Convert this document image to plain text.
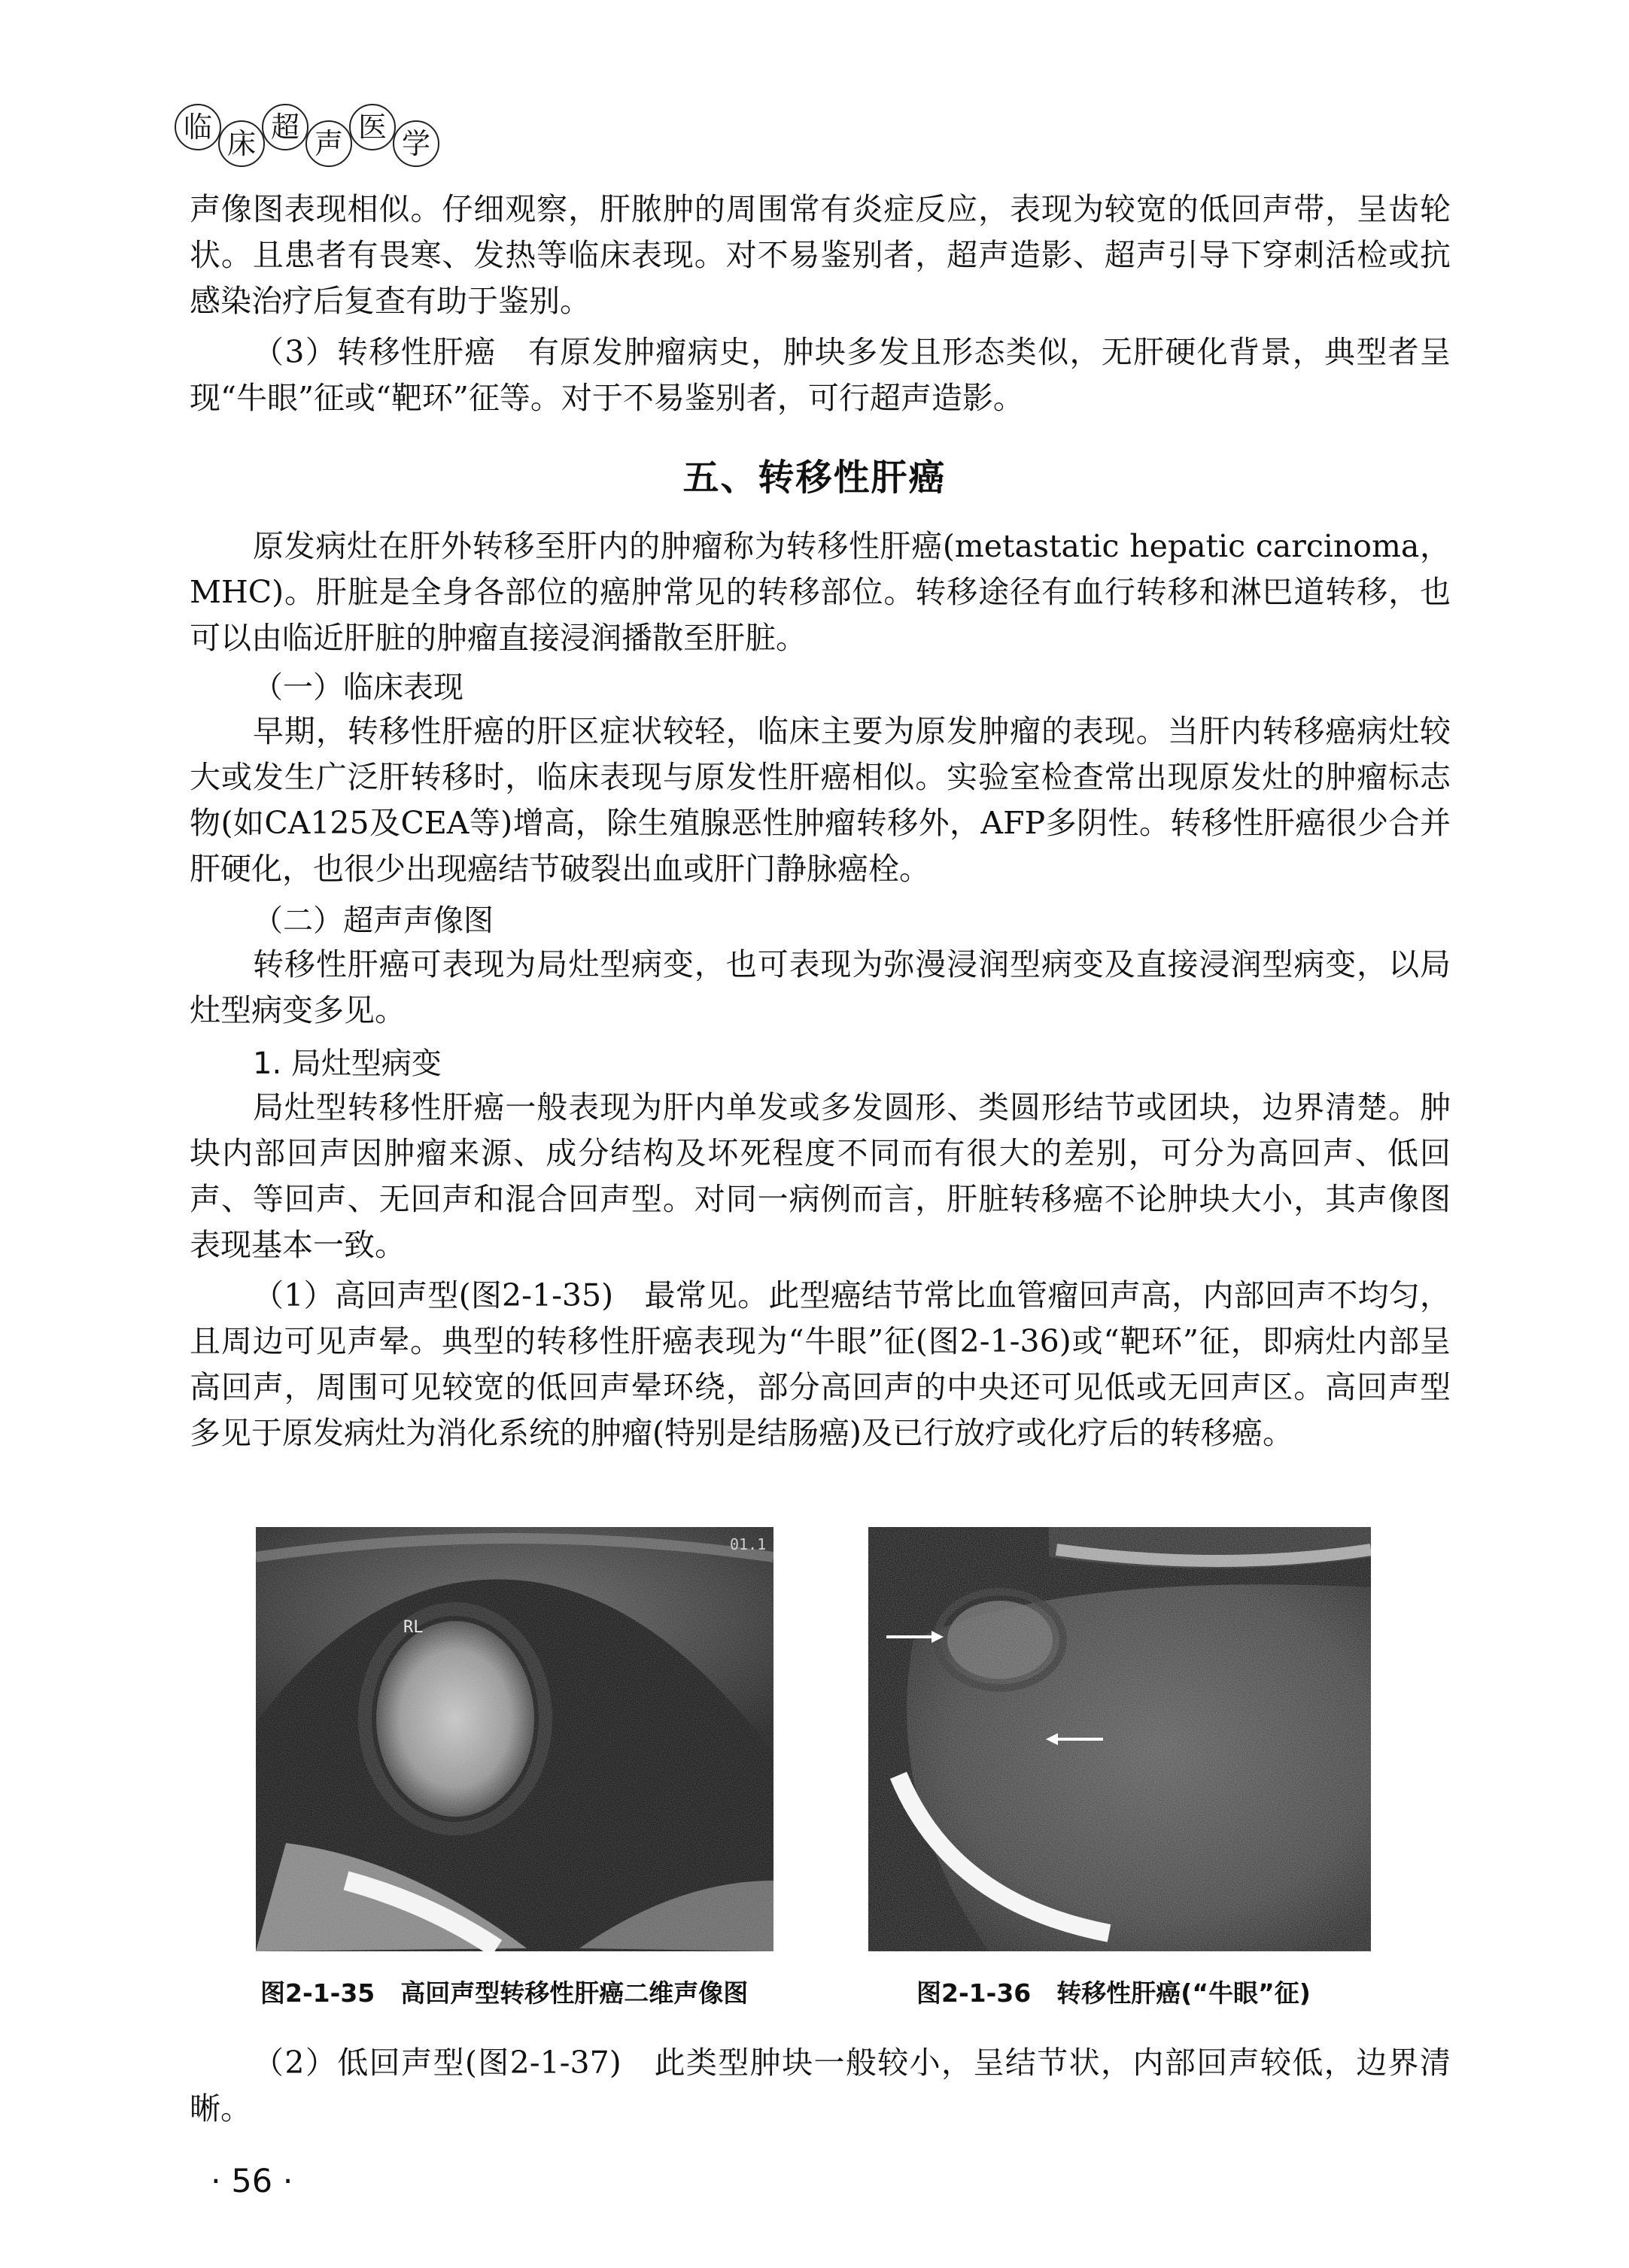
临 床 超 声 医 学
声像图表现相似。仔细观察，肝脓肿的周围常有炎症反应，表现为较宽的低回声带，呈齿轮状。且患者有畏寒、发热等临床表现。对不易鉴别者，超声造影、超声引导下穿刺活检或抗感染治疗后复查有助于鉴别。
（3）转移性肝癌　有原发肿瘤病史，肿块多发且形态类似，无肝硬化背景，典型者呈现“牛眼”征或“靶环”征等。对于不易鉴别者，可行超声造影。
五、转移性肝癌
原发病灶在肝外转移至肝内的肿瘤称为转移性肝癌(metastatic hepatic carcinoma，MHC)。肝脏是全身各部位的癌肿常见的转移部位。转移途径有血行转移和淋巴道转移，也可以由临近肝脏的肿瘤直接浸润播散至肝脏。
（一）临床表现
早期，转移性肝癌的肝区症状较轻，临床主要为原发肿瘤的表现。当肝内转移癌病灶较大或发生广泛肝转移时，临床表现与原发性肝癌相似。实验室检查常出现原发灶的肿瘤标志物(如CA125及CEA等)增高，除生殖腺恶性肿瘤转移外，AFP多阴性。转移性肝癌很少合并肝硬化，也很少出现癌结节破裂出血或肝门静脉癌栓。
（二）超声声像图
转移性肝癌可表现为局灶型病变，也可表现为弥漫浸润型病变及直接浸润型病变，以局灶型病变多见。
1. 局灶型病变
局灶型转移性肝癌一般表现为肝内单发或多发圆形、类圆形结节或团块，边界清楚。肿块内部回声因肿瘤来源、成分结构及坏死程度不同而有很大的差别，可分为高回声、低回声、等回声、无回声和混合回声型。对同一病例而言，肝脏转移癌不论肿块大小，其声像图表现基本一致。
（1）高回声型(图2-1-35)　最常见。此型癌结节常比血管瘤回声高，内部回声不均匀，且周边可见声晕。典型的转移性肝癌表现为“牛眼”征(图2-1-36)或“靶环”征，即病灶内部呈高回声，周围可见较宽的低回声晕环绕，部分高回声的中央还可见低或无回声区。高回声型多见于原发病灶为消化系统的肿瘤(特别是结肠癌)及已行放疗或化疗后的转移癌。
RL
01.1
图2-1-35 高回声型转移性肝癌二维声像图	图2-1-36 转移性肝癌(“牛眼”征)
（2）低回声型(图2-1-37)　此类型肿块一般较小，呈结节状，内部回声较低，边界清晰。
· 56 ·
